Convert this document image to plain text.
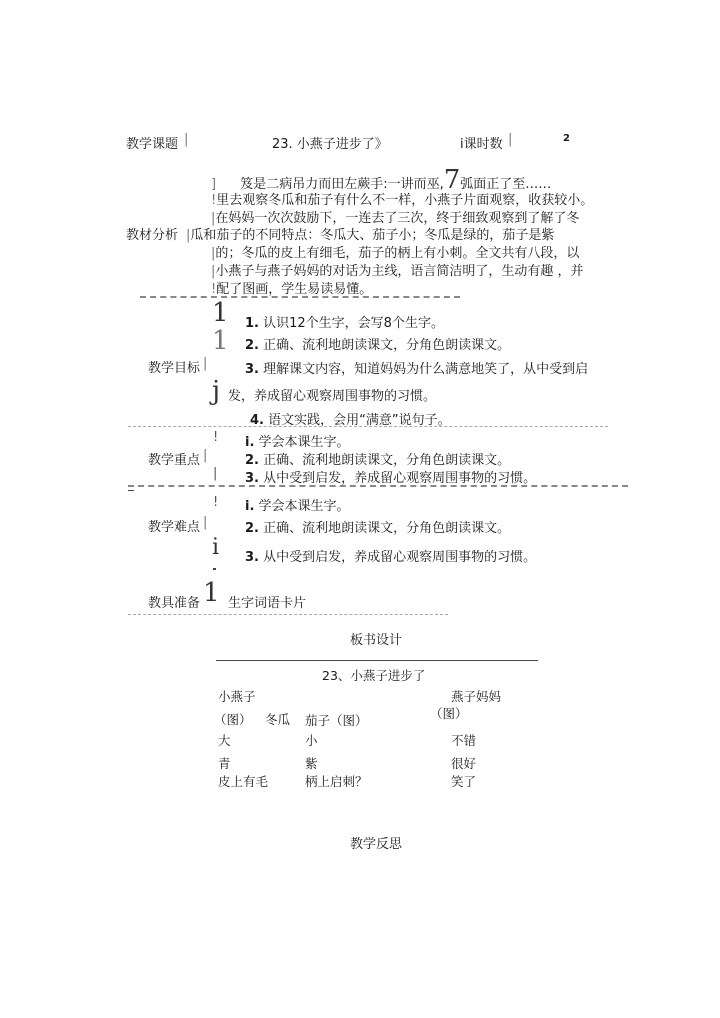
教学课题 |	23. 小燕子进步了》	i课时数 |	2
教材分析
] 笈是二病吊力而田左蕨手:一讲而巫,7弧面正了至……
!里去观察冬瓜和茄子有什么不一样，小燕子片面观察，收获较小。
|在妈妈一次次鼓励下，一连去了三次，终于细致观察到了解了冬
|瓜和茄子的不同特点：冬瓜大、茄子小；冬瓜是绿的，茄子是紫
|的；冬瓜的皮上有细毛，茄子的柄上有小刺。全文共有八段，以
|小燕子与燕子妈妈的对话为主线，语言简洁明了，生动有趣 ，并
!配了图画，学生易读易懂。
教学目标 |
1
1
j
1. 认识12个生字，会写8个生字。
2. 正确、流利地朗读课文，分角色朗读课文。
3. 理解课文内容，知道妈妈为什么满意地笑了，从中受到启
发，养成留心观察周围事物的习惯。
4. 语文实践，会用“满意”说句子。
教学重点 |
!
|
i. 学会本课生字。
2. 正确、流利地朗读课文，分角色朗读课文。
3. 从中受到启发，养成留心观察周围事物的习惯。
教学难点 |
!
i
i. 学会本课生字。
2. 正确、流利地朗读课文，分角色朗读课文。
3. 从中受到启发，养成留心观察周围事物的习惯。
教具准备 1 生字词语卡片
板书设计
23、小燕子进步了
小燕子	燕子妈妈
（图） 冬瓜 茄子（图）	（图）
大	小	不错
青	紫	很好
皮上有毛	柄上启刺？	笑了
教学反思
